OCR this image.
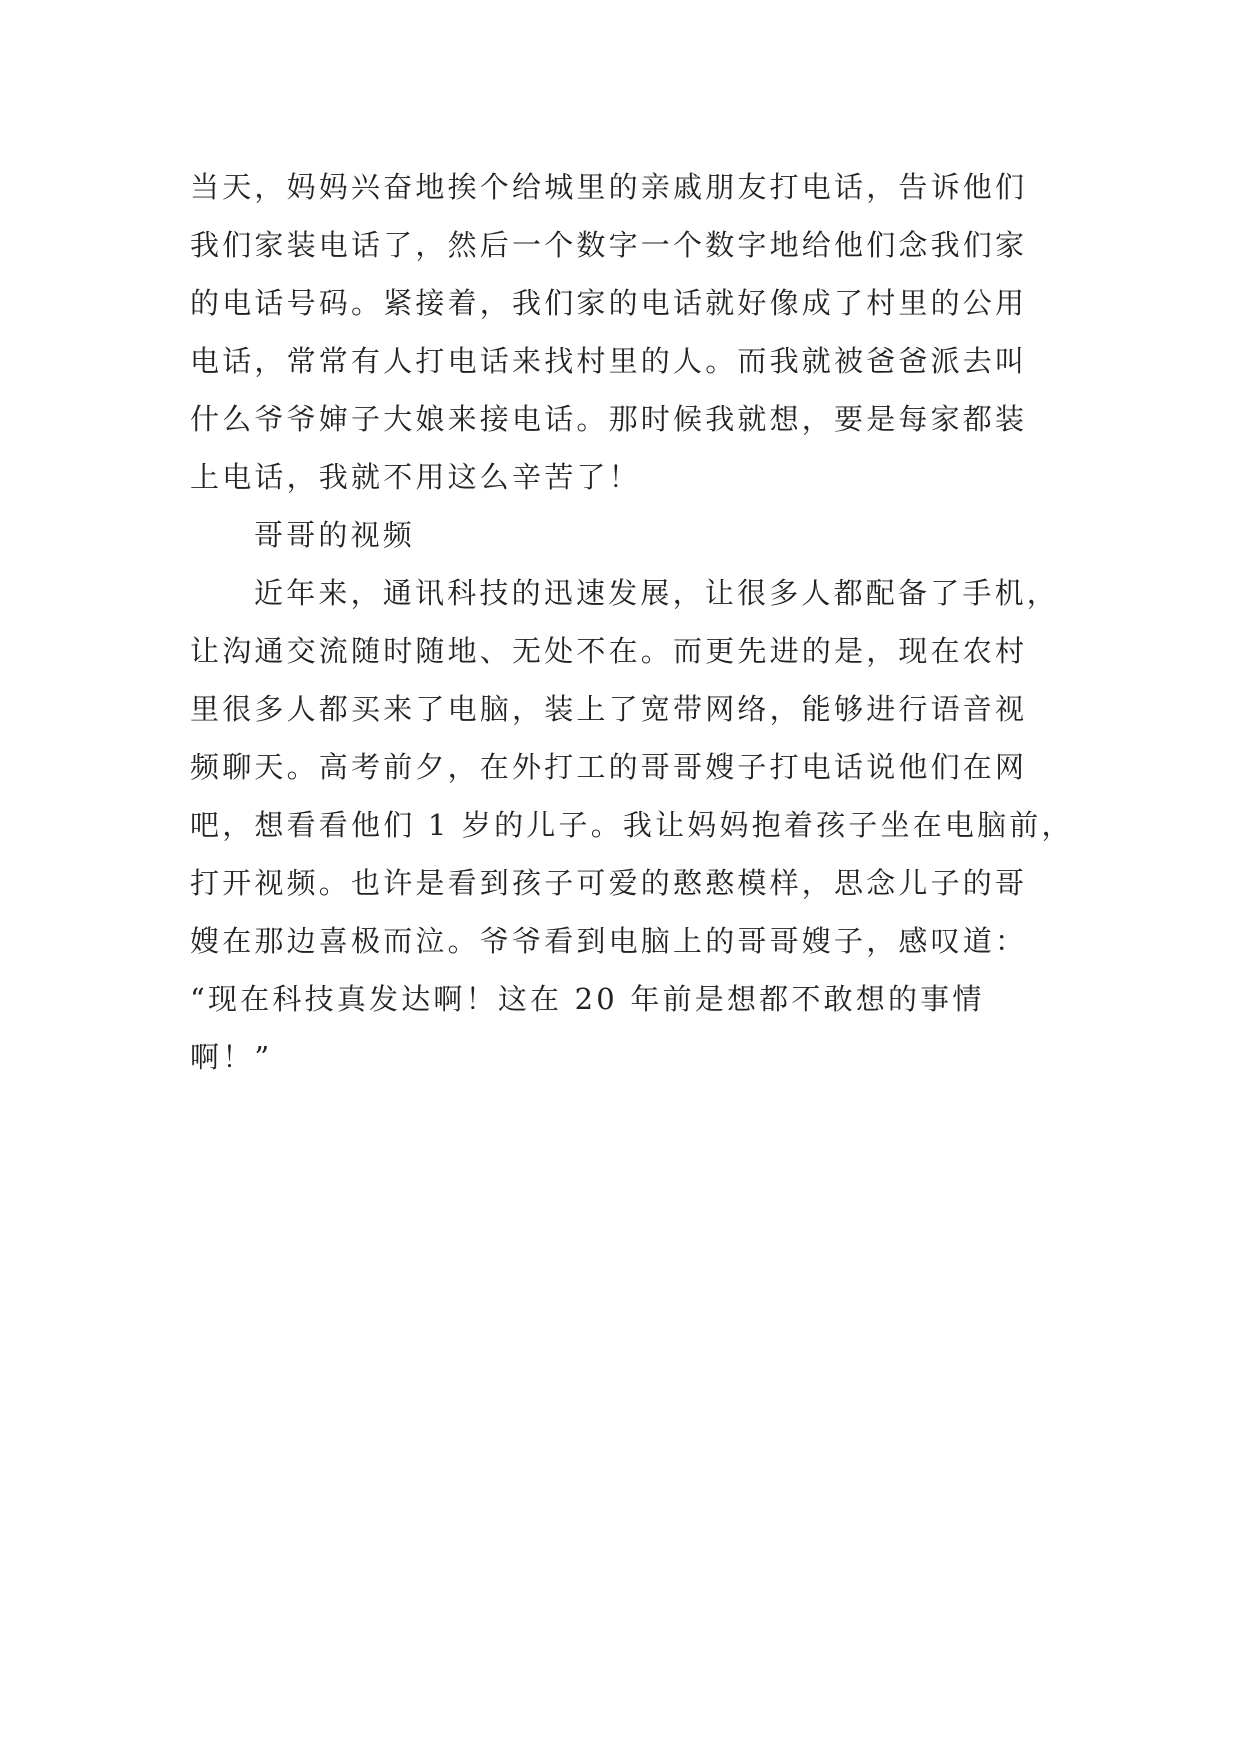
当天，妈妈兴奋地挨个给城里的亲戚朋友打电话，告诉他们
我们家装电话了，然后一个数字一个数字地给他们念我们家
的电话号码。紧接着，我们家的电话就好像成了村里的公用
电话，常常有人打电话来找村里的人。而我就被爸爸派去叫
什么爷爷婶子大娘来接电话。那时候我就想，要是每家都装
上电话，我就不用这么辛苦了！
哥哥的视频
近年来，通讯科技的迅速发展，让很多人都配备了手机，
让沟通交流随时随地、无处不在。而更先进的是，现在农村
里很多人都买来了电脑，装上了宽带网络，能够进行语音视
频聊天。高考前夕，在外打工的哥哥嫂子打电话说他们在网
吧，想看看他们 1 岁的儿子。我让妈妈抱着孩子坐在电脑前，
打开视频。也许是看到孩子可爱的憨憨模样，思念儿子的哥
嫂在那边喜极而泣。爷爷看到电脑上的哥哥嫂子，感叹道：
“现在科技真发达啊！这在 20 年前是想都不敢想的事情
啊！”
